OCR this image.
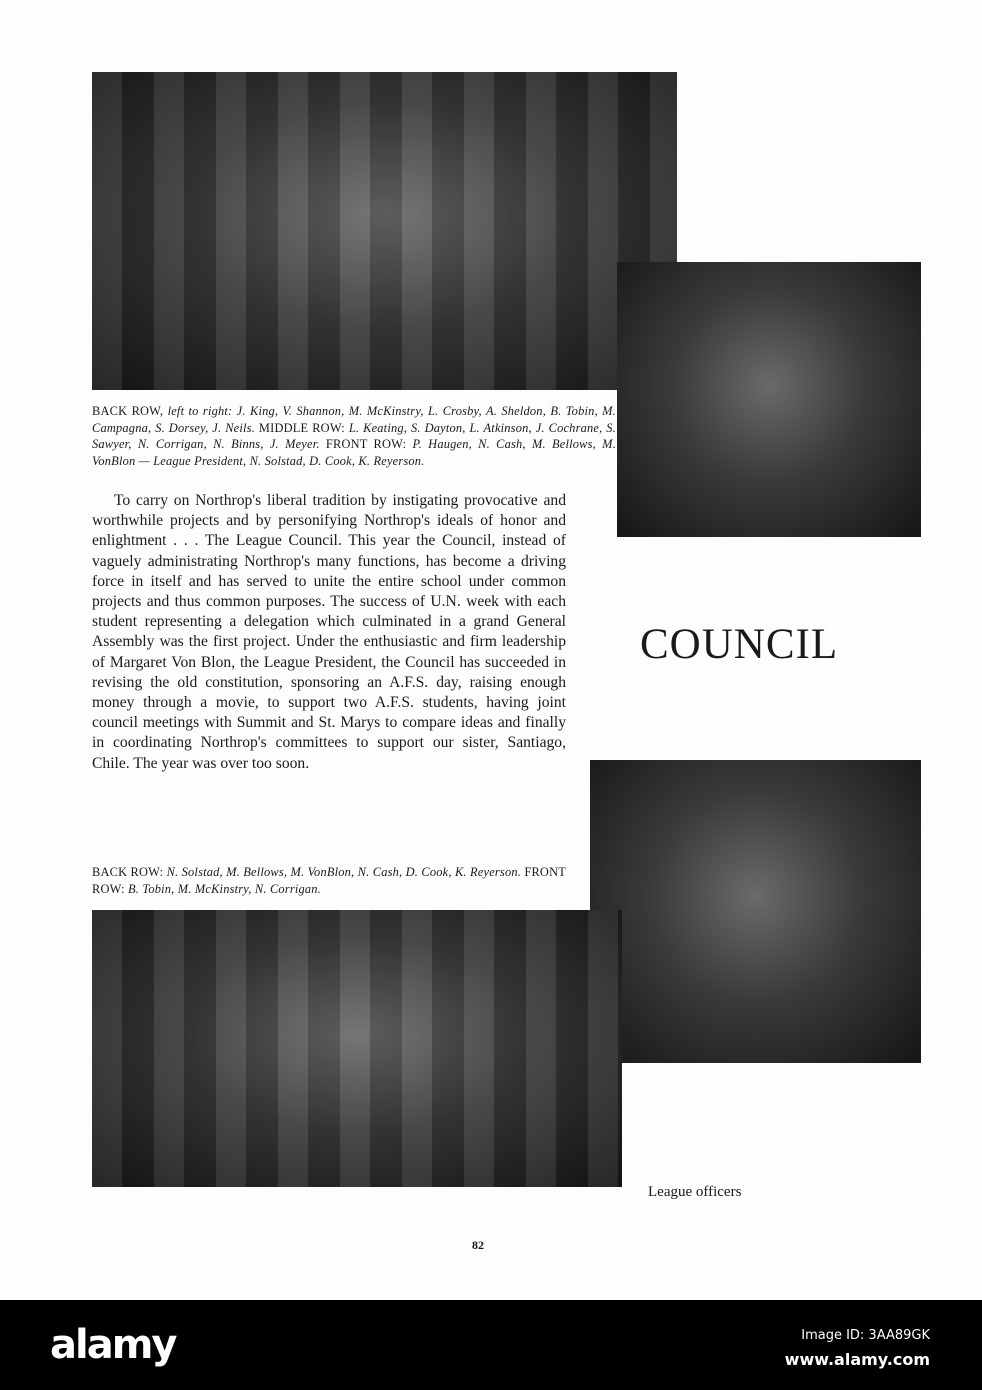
BACK ROW, left to right: J. King, V. Shannon, M. McKinstry, L. Crosby, A. Sheldon, B. Tobin, M. Campagna, S. Dorsey, J. Neils. MIDDLE ROW: L. Keating, S. Dayton, L. Atkinson, J. Cochrane, S. Sawyer, N. Corrigan, N. Binns, J. Meyer. FRONT ROW: P. Haugen, N. Cash, M. Bellows, M. VonBlon — League President, N. Solstad, D. Cook, K. Reyerson.
To carry on Northrop's liberal tradition by instigating provocative and worthwhile projects and by personifying Northrop's ideals of honor and enlightment . . . The League Council. This year the Council, instead of vaguely administrating Northrop's many functions, has become a driving force in itself and has served to unite the entire school under common projects and thus common purposes. The success of U.N. week with each student representing a delegation which culminated in a grand General Assembly was the first project. Under the enthusiastic and firm leadership of Margaret Von Blon, the League President, the Council has succeeded in revising the old constitution, sponsoring an A.F.S. day, raising enough money through a movie, to support two A.F.S. students, having joint council meetings with Summit and St. Marys to compare ideas and finally in coordinating Northrop's committees to support our sister, Santiago, Chile. The year was over too soon.
COUNCIL
BACK ROW: N. Solstad, M. Bellows, M. VonBlon, N. Cash, D. Cook, K. Reyerson. FRONT ROW: B. Tobin, M. McKinstry, N. Corrigan.
League officers
82
alamy	Image ID: 3AA89GK
www.alamy.com
